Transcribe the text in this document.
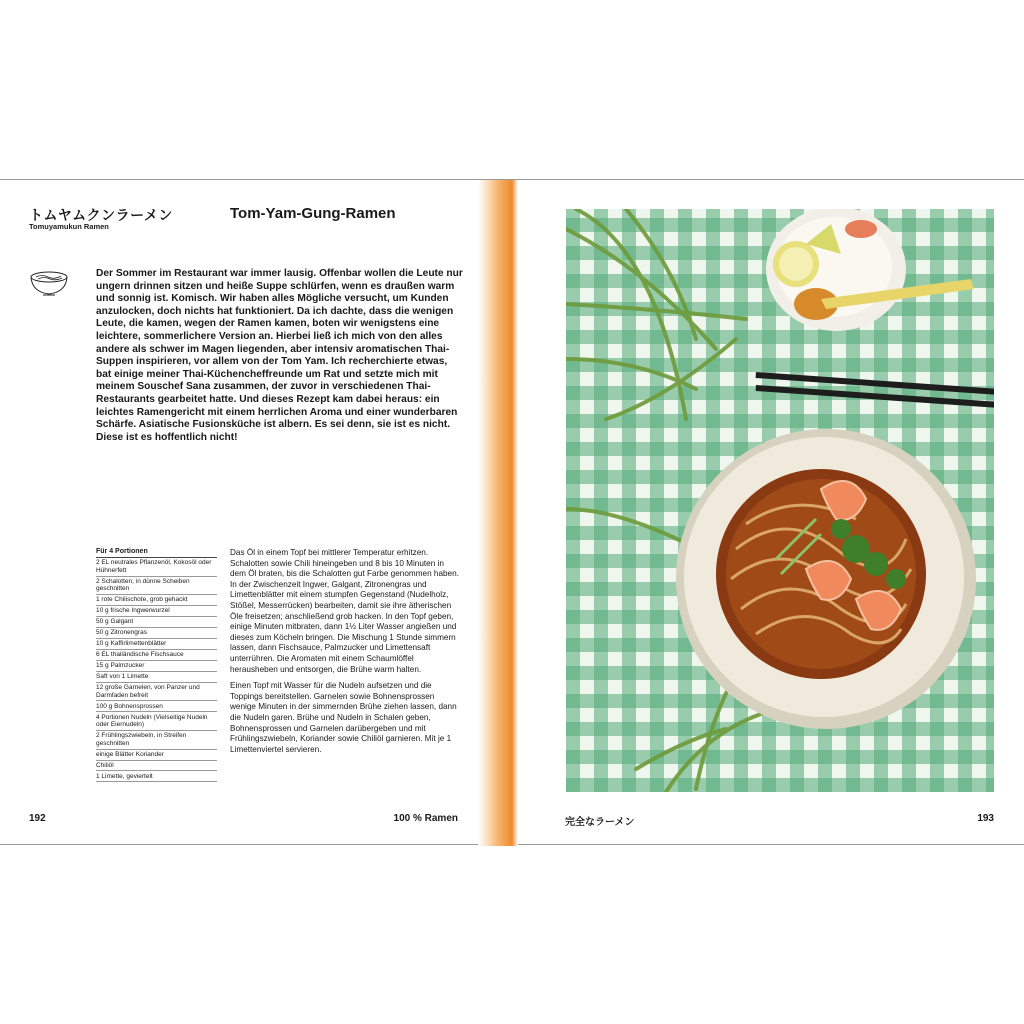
トムヤムクンラーメン
Tomuyamukun Ramen
Tom-Yam-Gung-Ramen
Der Sommer im Restaurant war immer lausig. Offenbar wollen die Leute nur ungern drinnen sitzen und heiße Suppe schlürfen, wenn es draußen warm und sonnig ist. Komisch. Wir haben alles Mögliche versucht, um Kunden anzulocken, doch nichts hat funktioniert. Da ich dachte, dass die wenigen Leute, die kamen, wegen der Ramen kamen, boten wir wenigstens eine leichtere, sommerlichere Version an. Hierbei ließ ich mich von den alles andere als schwer im Magen liegenden, aber intensiv aromatischen Thai-Suppen inspirieren, vor allem von der Tom Yam. Ich recherchierte etwas, bat einige meiner Thai-Küchencheffreunde um Rat und setzte mich mit meinem Souschef Sana zusammen, der zuvor in verschiedenen Thai-Restaurants gearbeitet hatte. Und dieses Rezept kam dabei heraus: ein leichtes Ramengericht mit einem herrlichen Aroma und einer wunderbaren Schärfe. Asiatische Fusionsküche ist albern. Es sei denn, sie ist es nicht. Diese ist es hoffentlich nicht!
Für 4 Portionen
2 EL neutrales Pflanzenöl, Kokosöl oder Hühnerfett
2 Schalotten, in dünne Scheiben geschnitten
1 rote Chilischote, grob gehackt
10 g frische Ingwerwurzel
50 g Galgant
50 g Zitronengras
10 g Kaffirlimettenblätter
6 EL thailändische Fischsauce
15 g Palmzucker
Saft von 1 Limette
12 große Garnelen, von Panzer und Darmfaden befreit
100 g Bohnensprossen
4 Portionen Nudeln (Vielseitige Nudeln oder Eiernudeln)
2 Frühlingszwiebeln, in Streifen geschnitten
einige Blätter Koriander
Chiliöl
1 Limette, geviertelt

Das Öl in einem Topf bei mittlerer Temperatur erhitzen. Schalotten sowie Chili hineingeben und 8 bis 10 Minuten in dem Öl braten, bis die Schalotten gut Farbe genommen haben. In der Zwischenzeit Ingwer, Galgant, Zitronengras und Limettenblätter mit einem stumpfen Gegenstand (Nudelholz, Stößel, Messerrücken) bearbeiten, damit sie ihre ätherischen Öle freisetzen; anschließend grob hacken. In den Topf geben, einige Minuten mitbraten, dann 1½ Liter Wasser angießen und dieses zum Köcheln bringen. Die Mischung 1 Stunde simmern lassen, dann Fischsauce, Palmzucker und Limettensaft unterrühren. Die Aromaten mit einem Schaumlöffel herausheben und entsorgen, die Brühe warm halten.

Einen Topf mit Wasser für die Nudeln aufsetzen und die Toppings bereitstellen. Garnelen sowie Bohnensprossen wenige Minuten in der simmernden Brühe ziehen lassen, dann die Nudeln garen. Brühe und Nudeln in Schalen geben, Bohnensprossen und Garnelen darübergeben und mit Frühlingszwiebeln, Koriander sowie Chiliöl garnieren. Mit je 1 Limettenviertel servieren.

192	100 % Ramen	完全なラーメン	193
